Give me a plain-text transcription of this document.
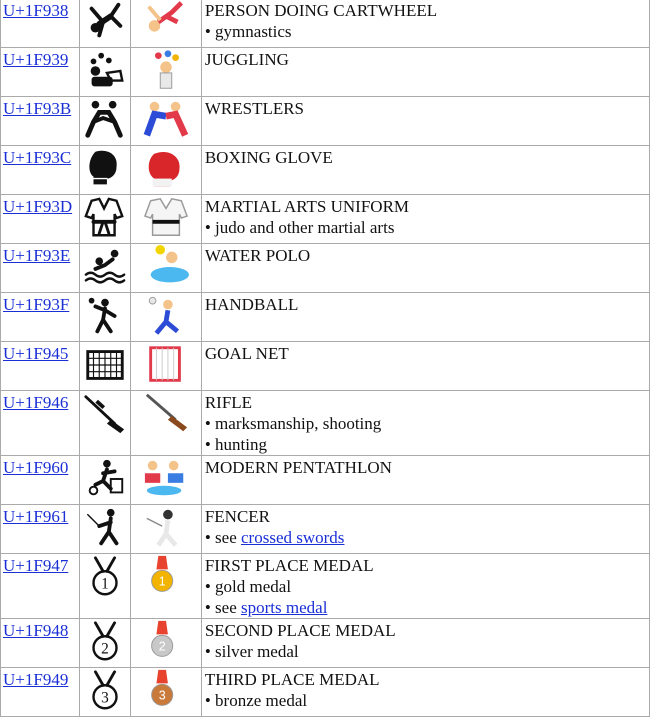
U+1F938			PERSON DOING CARTWHEEL
• gymnastics

U+1F939			JUGGLING

U+1F93B			WRESTLERS

U+1F93C			BOXING GLOVE

U+1F93D			MARTIAL ARTS UNIFORM
• judo and other martial arts

U+1F93E			WATER POLO

U+1F93F			HANDBALL

U+1F945			GOAL NET

U+1F946			RIFLE
• marksmanship, shooting
• hunting

U+1F960			MODERN PENTATHLON

U+1F961			FENCER
• see crossed swords

U+1F947	1	1	FIRST PLACE MEDAL
• gold medal
• see sports medal

U+1F948	2	2	SECOND PLACE MEDAL
• silver medal

U+1F949	3	3	THIRD PLACE MEDAL
• bronze medal
